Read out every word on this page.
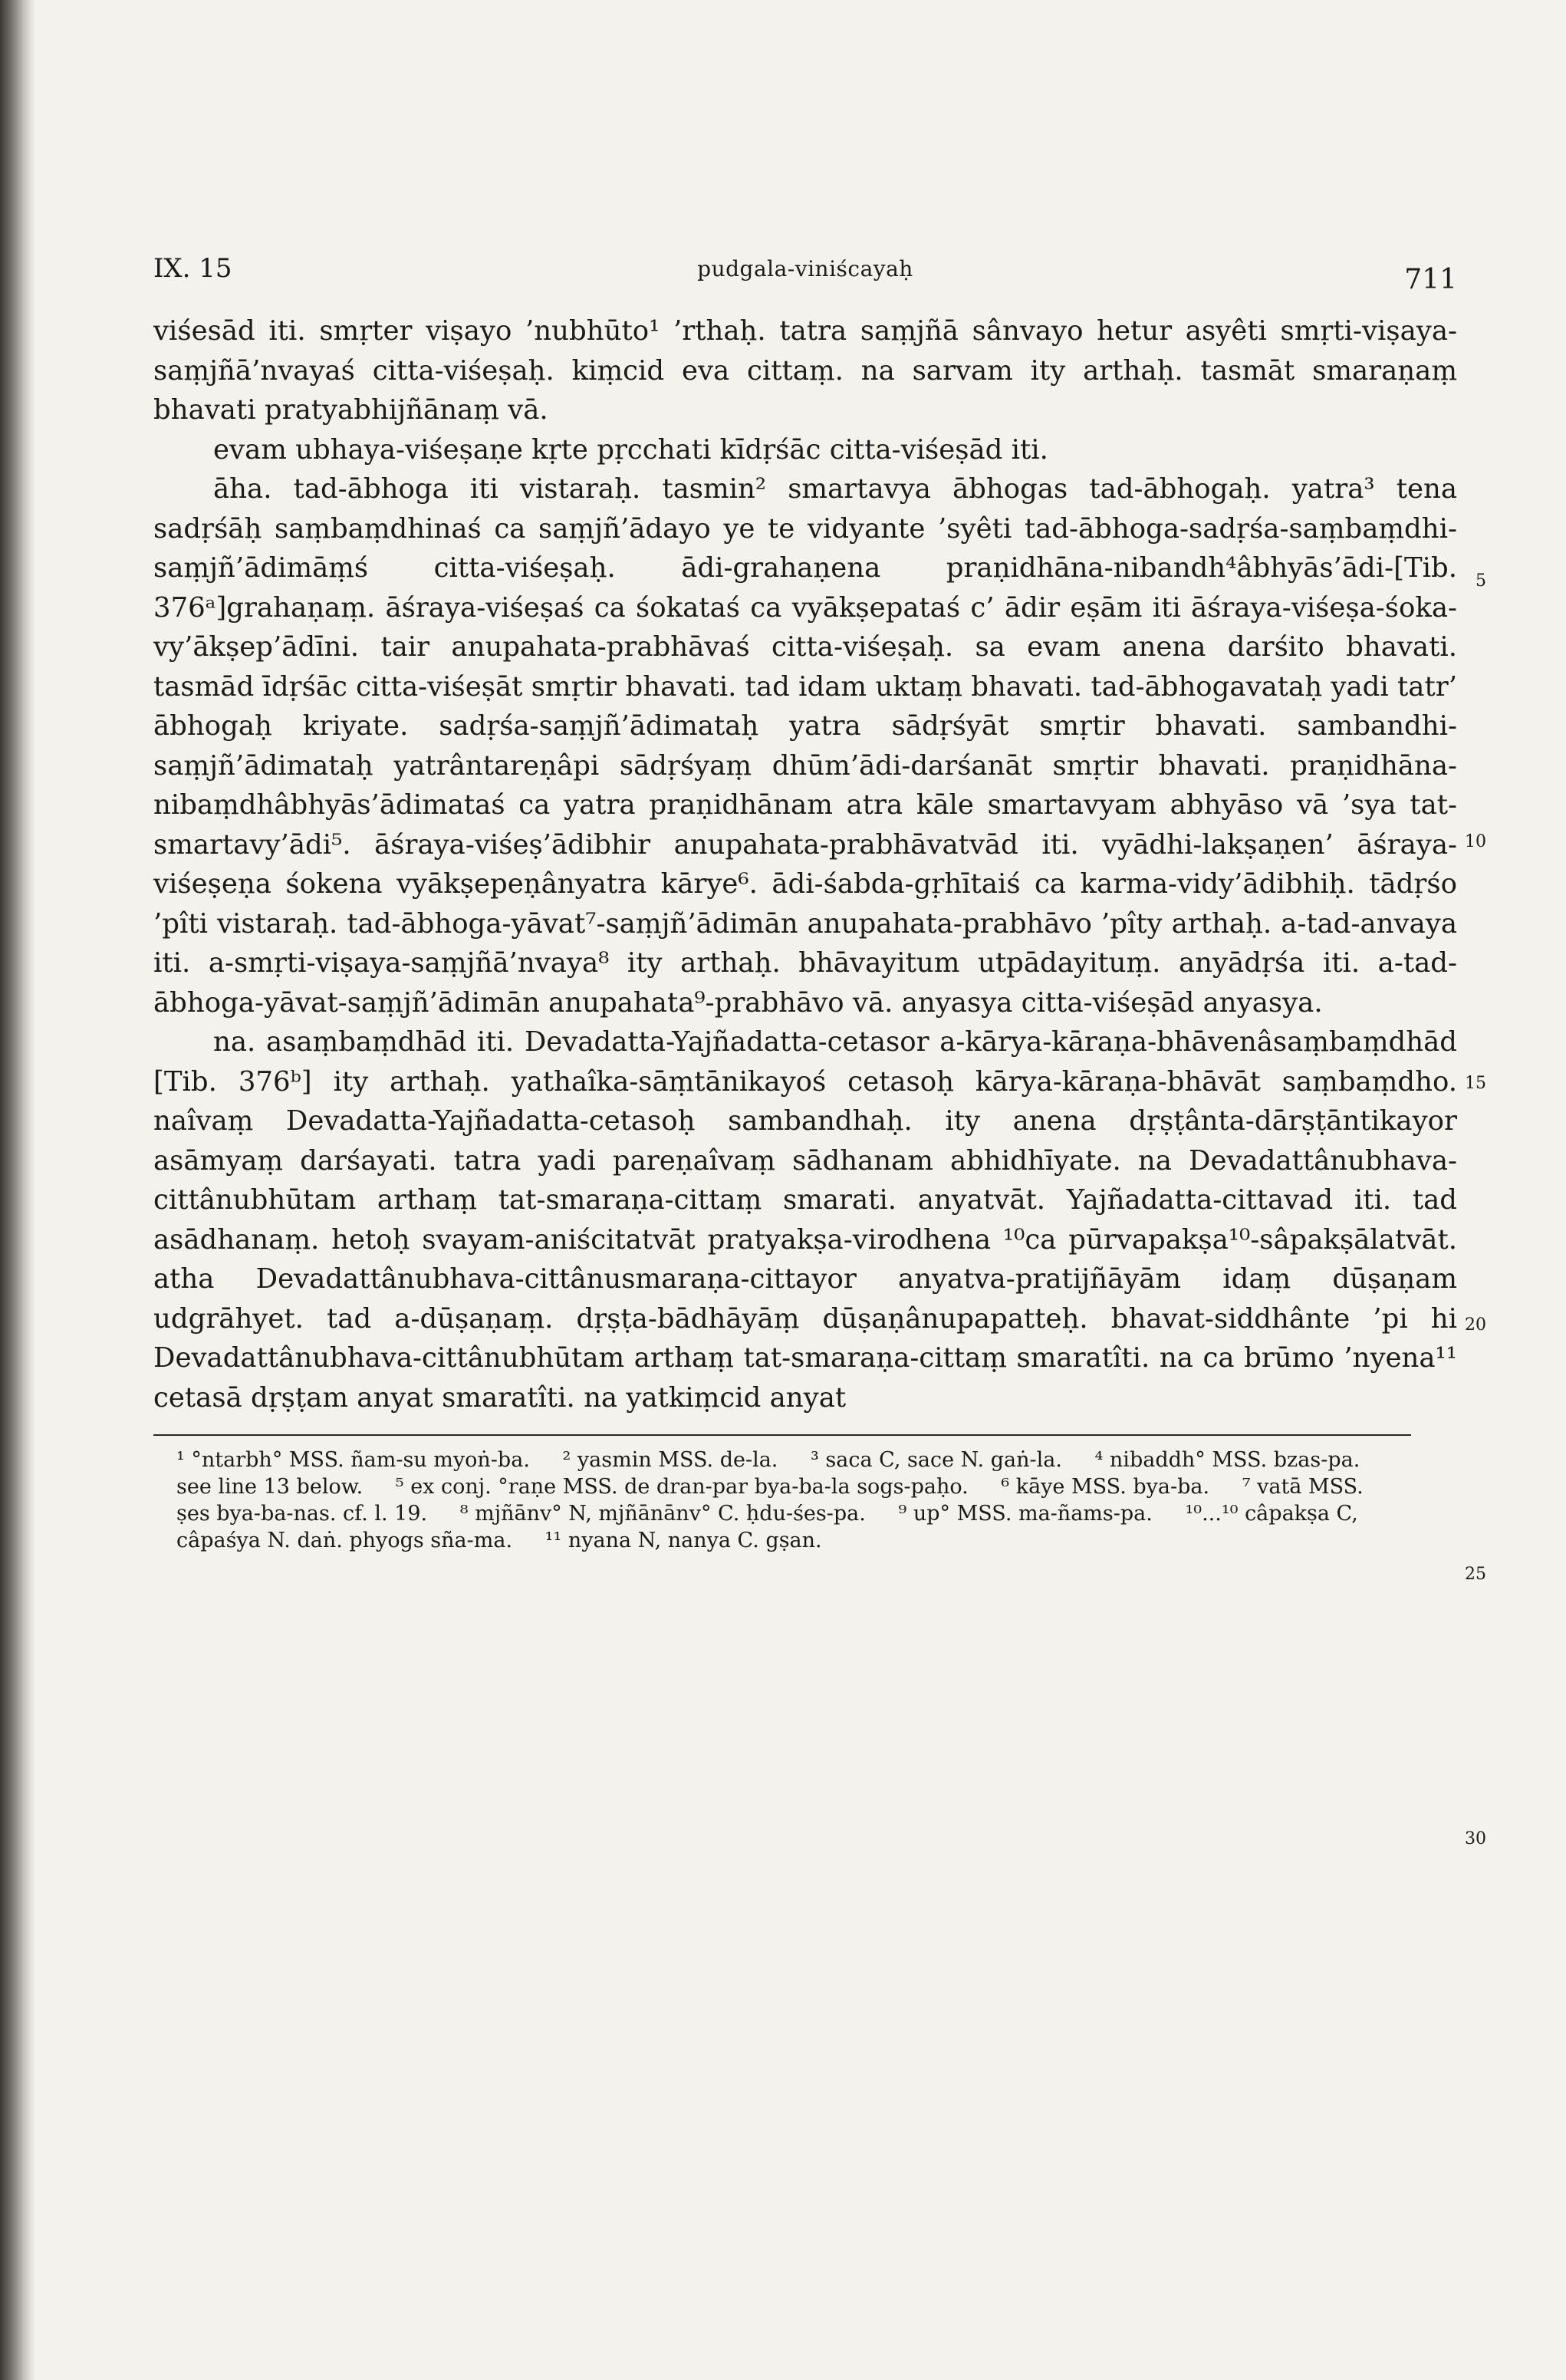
IX. 15	pudgala-viniścayaḥ	711

viśesād iti. smṛter viṣayo ’nubhūto¹ ’rthaḥ. tatra saṃjñā sânvayo hetur asyêti smṛti-viṣaya-saṃjñā’nvayaś citta-viśeṣaḥ. kiṃcid eva cittaṃ. na sarvam ity arthaḥ. tasmāt smaraṇaṃ bhavati pratyabhijñānaṃ vā.

evam ubhaya-viśeṣaṇe kṛte pṛcchati kīdṛśāc citta-viśeṣād iti.

āha. tad-ābhoga iti vistaraḥ. tasmin² smartavya ābhogas tad-ābhogaḥ. yatra³ tena sadṛśāḥ saṃbaṃdhinaś ca saṃjñ’ādayo ye te vidyante ’syêti tad-ābhoga-sadṛśa-saṃbaṃdhi-saṃjñ’ādimāṃś citta-viśeṣaḥ. ādi-grahaṇena praṇidhāna-nibandh⁴âbhyās’ādi-[Tib. 376ᵃ]grahaṇaṃ. āśraya-viśeṣaś ca śokataś ca vyākṣepataś c’ ādir eṣām iti āśraya-viśeṣa-śoka-vy’ākṣep’ādīni. tair anupahata-prabhāvaś citta-viśeṣaḥ. sa evam anena darśito bhavati. tasmād īdṛśāc citta-viśeṣāt smṛtir bhavati. tad idam uktaṃ bhavati. tad-ābhogavataḥ yadi tatr’ ābhogaḥ kriyate. sadṛśa-saṃjñ’ādimataḥ yatra sādṛśyāt smṛtir bhavati. sambandhi-saṃjñ’ādimataḥ yatrântareṇâpi sādṛśyaṃ dhūm’ādi-darśanāt smṛtir bhavati. praṇidhāna-nibaṃdhâbhyās’ādimataś ca yatra praṇidhānam atra kāle smartavyam abhyāso vā ’sya tat-smartavy’ādi⁵. āśraya-viśeṣ’ādibhir anupahata-prabhāvatvād iti. vyādhi-lakṣaṇen’ āśraya-viśeṣeṇa śokena vyākṣepeṇânyatra kārye⁶. ādi-śabda-gṛhītaiś ca karma-vidy’ādibhiḥ. tādṛśo ’pîti vistaraḥ. tad-ābhoga-yāvat⁷-saṃjñ’ādimān anupahata-prabhāvo ’pîty arthaḥ. a-tad-anvaya iti. a-smṛti-viṣaya-saṃjñā’nvaya⁸ ity arthaḥ. bhāvayitum utpādayituṃ. anyādṛśa iti. a-tad-ābhoga-yāvat-saṃjñ’ādimān anupahata⁹-prabhāvo vā. anyasya citta-viśeṣād anyasya.

na. asaṃbaṃdhād iti. Devadatta-Yajñadatta-cetasor a-kārya-kāraṇa-bhāvenâsaṃbaṃdhād [Tib. 376ᵇ] ity arthaḥ. yathaîka-sāṃtānikayoś cetasoḥ kārya-kāraṇa-bhāvāt saṃbaṃdho. naîvaṃ Devadatta-Yajñadatta-cetasoḥ sambandhaḥ. ity anena dṛṣṭânta-dārṣṭāntikayor asāmyaṃ darśayati. tatra yadi pareṇaîvaṃ sādhanam abhidhīyate. na Devadattânubhava-cittânubhūtam arthaṃ tat-smaraṇa-cittaṃ smarati. anyatvāt. Yajñadatta-cittavad iti. tad asādhanaṃ. hetoḥ svayam-aniścitatvāt pratyakṣa-virodhena ¹⁰ca pūrvapakṣa¹⁰-sâpakṣālatvāt. atha Devadattânubhava-cittânusmaraṇa-cittayor anyatva-pratijñāyām idaṃ dūṣaṇam udgrāhyet. tad a-dūṣaṇaṃ. dṛṣṭa-bādhāyāṃ dūṣaṇânupapatteḥ. bhavat-siddhânte ’pi hi Devadattânubhava-cittânubhūtam arthaṃ tat-smaraṇa-cittaṃ smaratîti. na ca brūmo ’nyena¹¹ cetasā dṛṣṭam anyat smaratîti. na yatkiṃcid anyat

¹ °ntarbh° MSS. ñam-su myoṅ-ba. ² yasmin MSS. de-la. ³ saca C, sace N. gaṅ-la. ⁴ nibaddh° MSS. bzas-pa. see line 13 below. ⁵ ex conj. °raṇe MSS. de dran-par bya-ba-la sogs-paḥo. ⁶ kāye MSS. bya-ba. ⁷ vatā MSS. ṣes bya-ba-nas. cf. l. 19. ⁸ mjñānv° N, mjñānānv° C. ḥdu-śes-pa. ⁹ up° MSS. ma-ñams-pa. ¹⁰...¹⁰ câpakṣa C, câpaśya N. daṅ. phyogs sña-ma. ¹¹ nyana N, nanya C. gṣan.
5
10
15
20
25
30
